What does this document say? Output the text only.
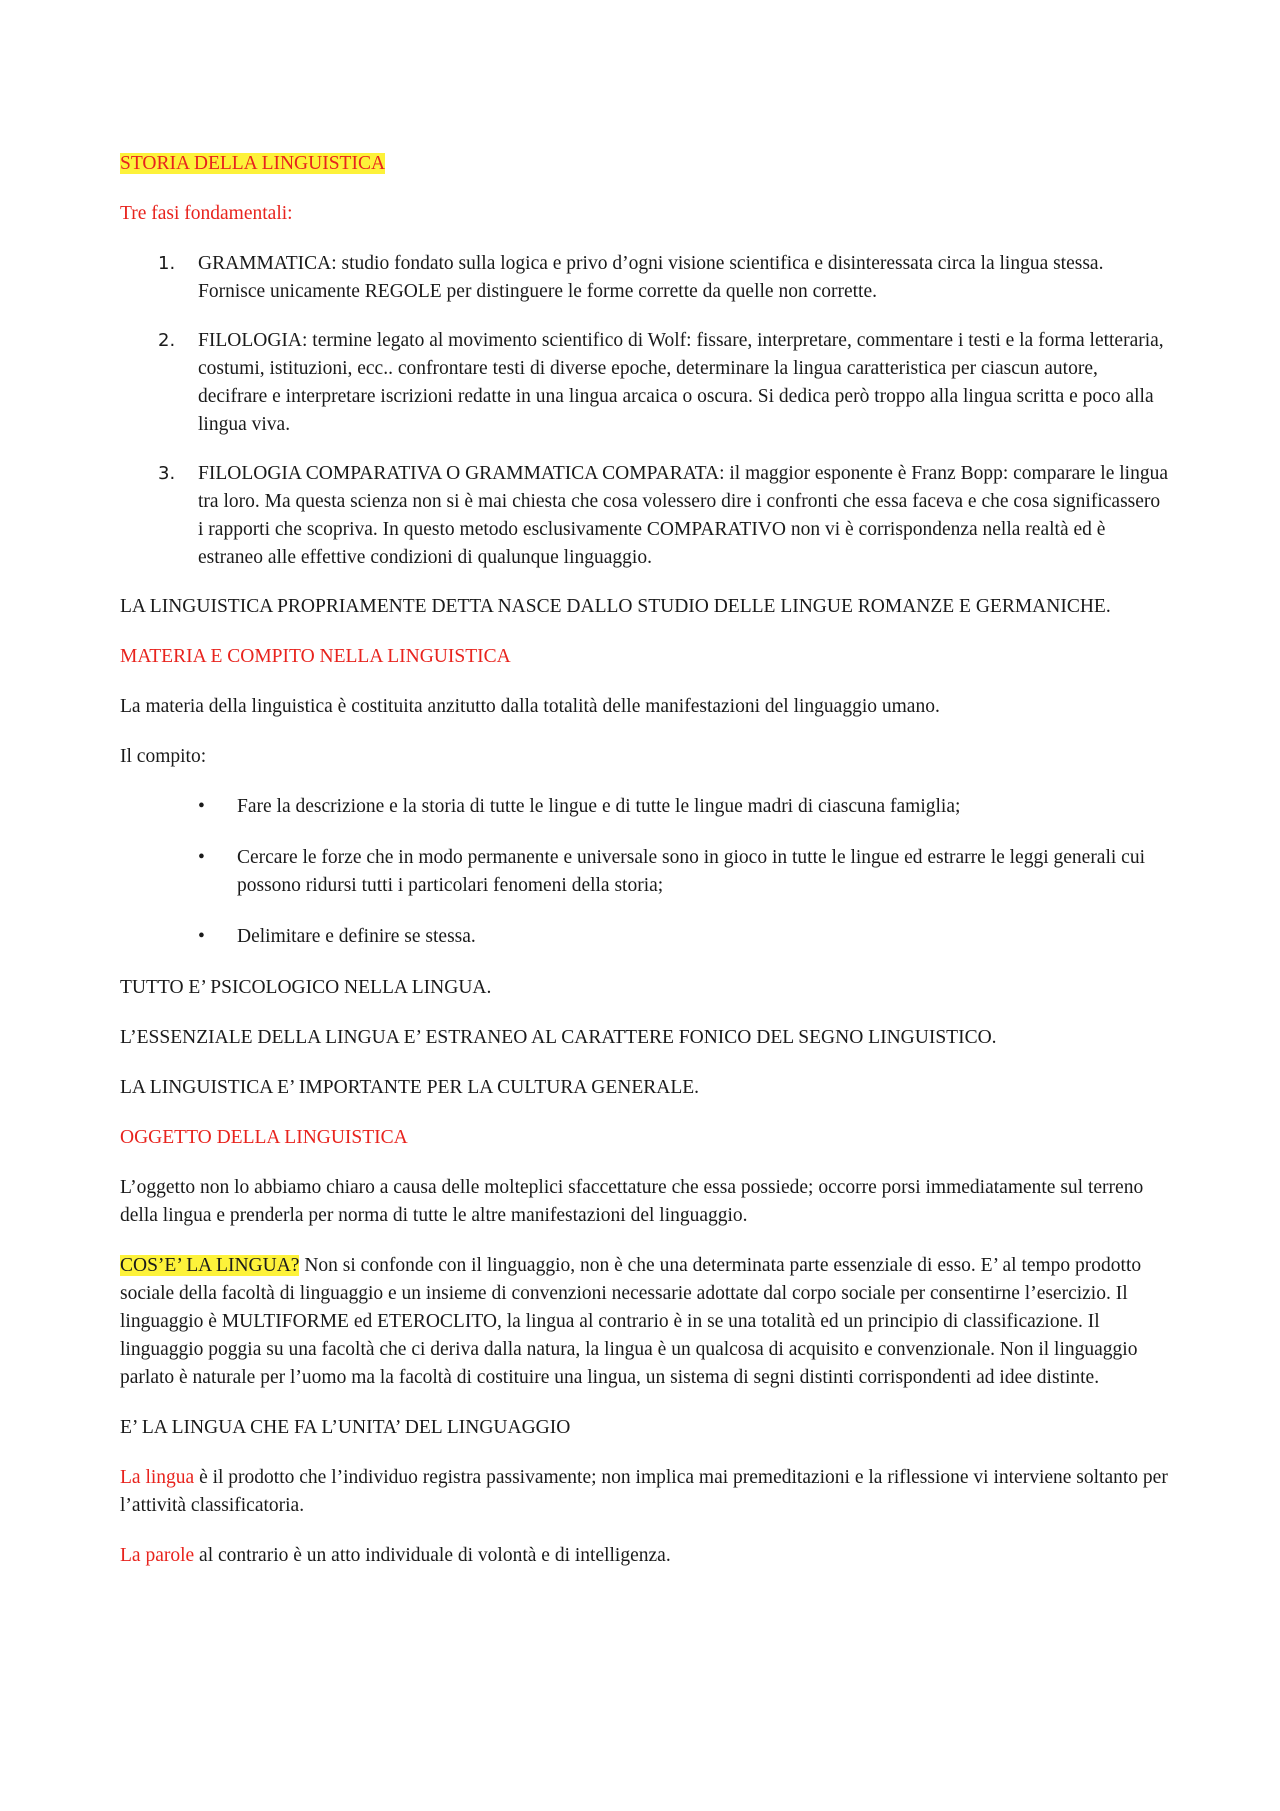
STORIA DELLA LINGUISTICA

Tre fasi fondamentali:

1. GRAMMATICA: studio fondato sulla logica e privo d’ogni visione scientifica e disinteressata circa la lingua stessa. Fornisce unicamente REGOLE per distinguere le forme corrette da quelle non corrette.
2. FILOLOGIA: termine legato al movimento scientifico di Wolf: fissare, interpretare, commentare i testi e la forma letteraria, costumi, istituzioni, ecc.. confrontare testi di diverse epoche, determinare la lingua caratteristica per ciascun autore, decifrare e interpretare iscrizioni redatte in una lingua arcaica o oscura. Si dedica però troppo alla lingua scritta e poco alla lingua viva.
3. FILOLOGIA COMPARATIVA O GRAMMATICA COMPARATA: il maggior esponente è Franz Bopp: comparare le lingua tra loro. Ma questa scienza non si è mai chiesta che cosa volessero dire i confronti che essa faceva e che cosa significassero i rapporti che scopriva. In questo metodo esclusivamente COMPARATIVO non vi è corrispondenza nella realtà ed è estraneo alle effettive condizioni di qualunque linguaggio.

LA LINGUISTICA PROPRIAMENTE DETTA NASCE DALLO STUDIO DELLE LINGUE ROMANZE E GERMANICHE.

MATERIA E COMPITO NELLA LINGUISTICA

La materia della linguistica è costituita anzitutto dalla totalità delle manifestazioni del linguaggio umano.

Il compito:

• Fare la descrizione e la storia di tutte le lingue e di tutte le lingue madri di ciascuna famiglia;
• Cercare le forze che in modo permanente e universale sono in gioco in tutte le lingue ed estrarre le leggi generali cui possono ridursi tutti i particolari fenomeni della storia;
• Delimitare e definire se stessa.

TUTTO E’ PSICOLOGICO NELLA LINGUA.

L’ESSENZIALE DELLA LINGUA E’ ESTRANEO AL CARATTERE FONICO DEL SEGNO LINGUISTICO.

LA LINGUISTICA E’ IMPORTANTE PER LA CULTURA GENERALE.

OGGETTO DELLA LINGUISTICA

L’oggetto non lo abbiamo chiaro a causa delle molteplici sfaccettature che essa possiede; occorre porsi immediatamente sul terreno della lingua e prenderla per norma di tutte le altre manifestazioni del linguaggio.

COS’E’ LA LINGUA? Non si confonde con il linguaggio, non è che una determinata parte essenziale di esso. E’ al tempo prodotto sociale della facoltà di linguaggio e un insieme di convenzioni necessarie adottate dal corpo sociale per consentirne l’esercizio. Il linguaggio è MULTIFORME ed ETEROCLITO, la lingua al contrario è in se una totalità ed un principio di classificazione. Il linguaggio poggia su una facoltà che ci deriva dalla natura, la lingua è un qualcosa di acquisito e convenzionale. Non il linguaggio parlato è naturale per l’uomo ma la facoltà di costituire una lingua, un sistema di segni distinti corrispondenti ad idee distinte.

E’ LA LINGUA CHE FA L’UNITA’ DEL LINGUAGGIO

La lingua è il prodotto che l’individuo registra passivamente; non implica mai premeditazioni e la riflessione vi interviene soltanto per l’attività classificatoria.

La parole al contrario è un atto individuale di volontà e di intelligenza.
